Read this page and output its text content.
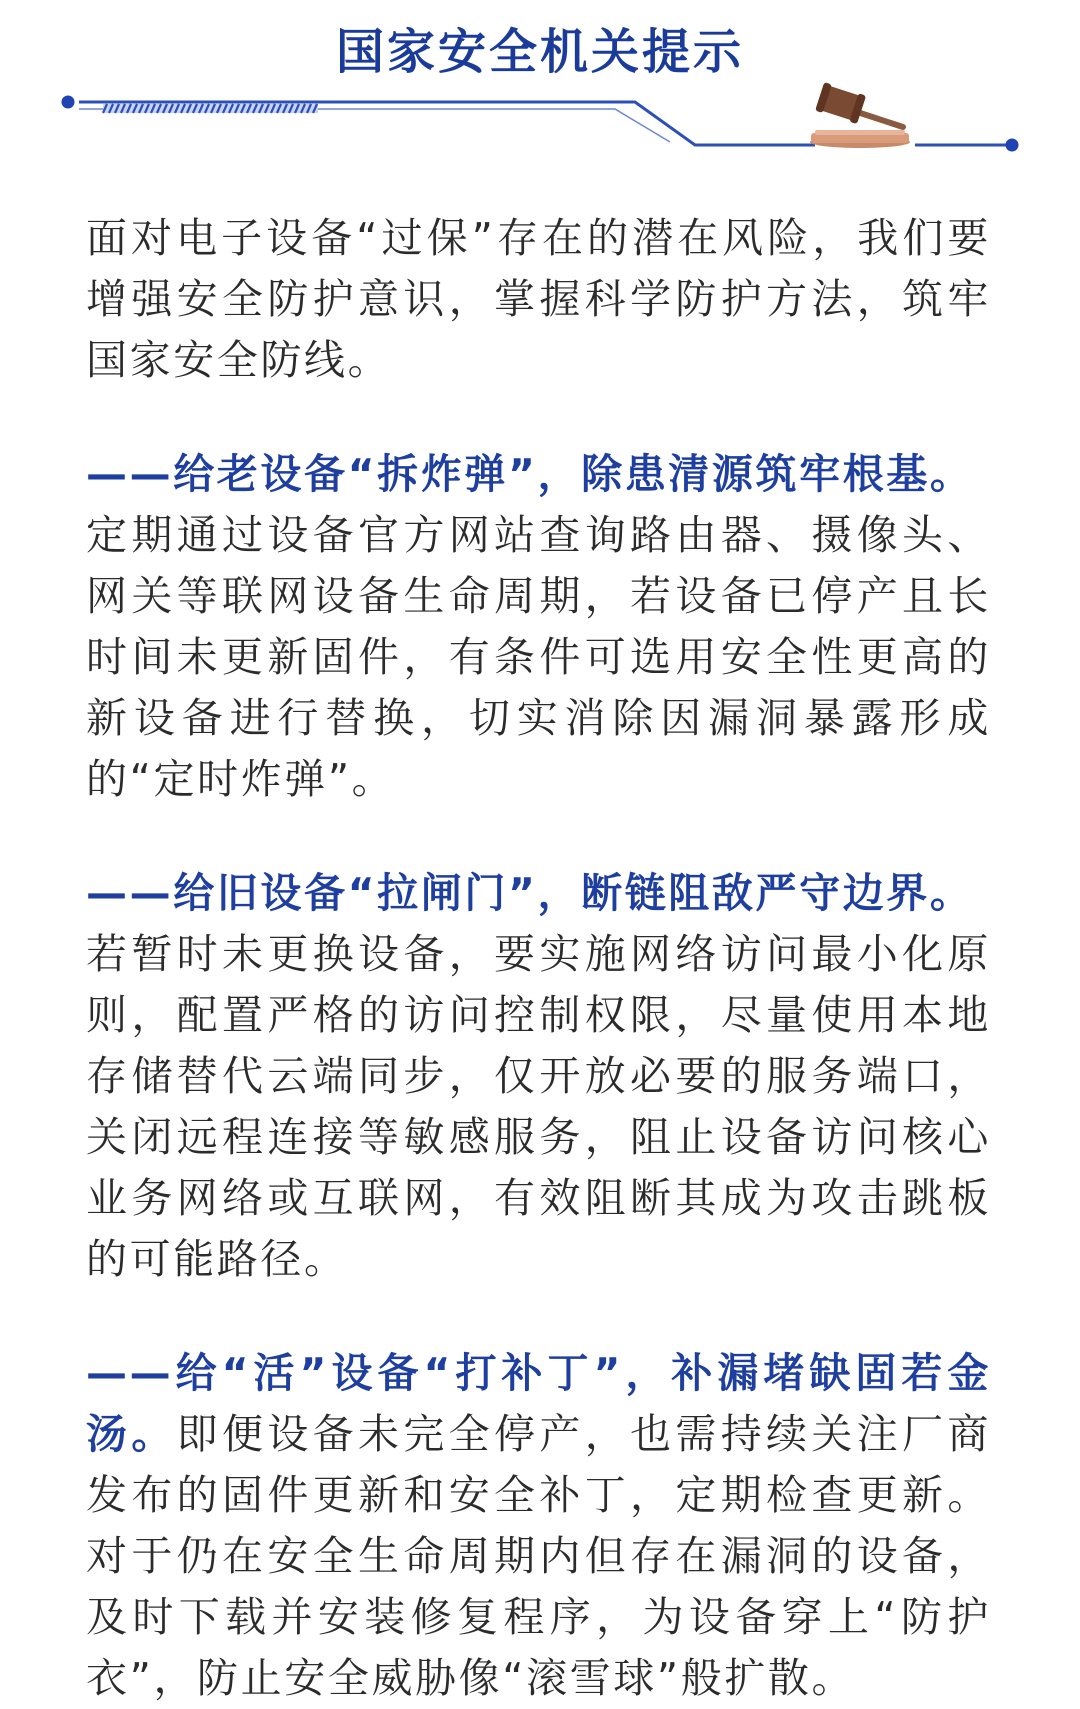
国家安全机关提示

面对电子设备“过保”存在的潜在风险，我们要增强安全防护意识，掌握科学防护方法，筑牢国家安全防线。

——给老设备“拆炸弹”，除患清源筑牢根基。
定期通过设备官方网站查询路由器、摄像头、网关等联网设备生命周期，若设备已停产且长时间未更新固件，有条件可选用安全性更高的新设备进行替换，切实消除因漏洞暴露形成的“定时炸弹”。

——给旧设备“拉闸门”，断链阻敌严守边界。
若暂时未更换设备，要实施网络访问最小化原则，配置严格的访问控制权限，尽量使用本地存储替代云端同步，仅开放必要的服务端口，关闭远程连接等敏感服务，阻止设备访问核心业务网络或互联网，有效阻断其成为攻击跳板的可能路径。

——给“活”设备“打补丁”，补漏堵缺固若金汤。即便设备未完全停产，也需持续关注厂商发布的固件更新和安全补丁，定期检查更新。对于仍在安全生命周期内但存在漏洞的设备，及时下载并安装修复程序，为设备穿上“防护衣”，防止安全威胁像“滚雪球”般扩散。
